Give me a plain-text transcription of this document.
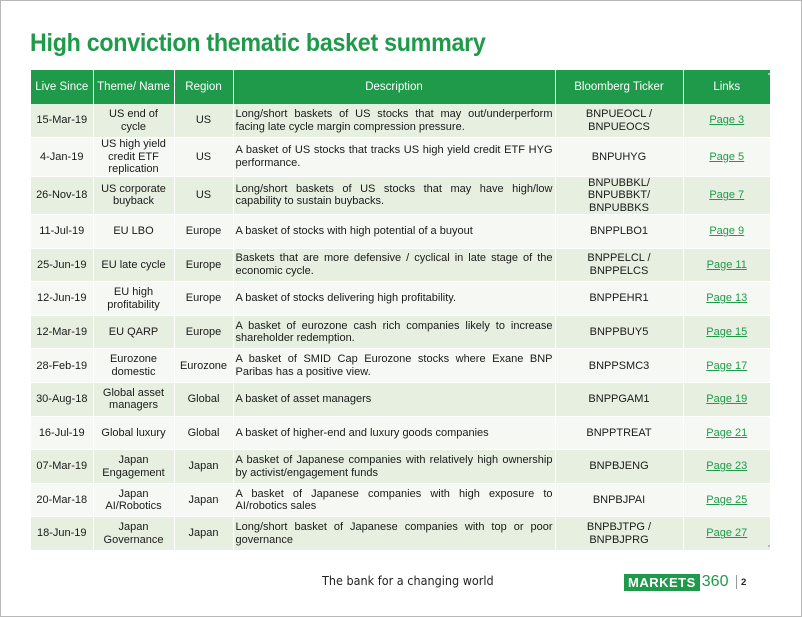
High conviction thematic basket summary
Live Since	Theme/ Name	Region	Description	Bloomberg Ticker	Links
15-Mar-19	US end of cycle	US	Long/short baskets of US stocks that may out/underperform facing late cycle margin compression pressure.	BNPUEOCL / BNPUEOCS	Page 3
4-Jan-19	US high yield credit ETF replication	US	A basket of US stocks that tracks US high yield credit ETF HYG performance.	BNPUHYG	Page 5
26-Nov-18	US corporate buyback	US	Long/short baskets of US stocks that may have high/low capability to sustain buybacks.	BNPUBBKL/ BNPUBBKT/ BNPUBBKS	Page 7
11-Jul-19	EU LBO	Europe	A basket of stocks with high potential of a buyout	BNPPLBO1	Page 9
25-Jun-19	EU late cycle	Europe	Baskets that are more defensive / cyclical in late stage of the economic cycle.	BNPPELCL / BNPPELCS	Page 11
12-Jun-19	EU high profitability	Europe	A basket of stocks delivering high profitability.	BNPPEHR1	Page 13
12-Mar-19	EU QARP	Europe	A basket of eurozone cash rich companies likely to increase shareholder redemption.	BNPPBUY5	Page 15
28-Feb-19	Eurozone domestic	Eurozone	A basket of SMID Cap Eurozone stocks where Exane BNP Paribas has a positive view.	BNPPSMC3	Page 17
30-Aug-18	Global asset managers	Global	A basket of asset managers	BNPPGAM1	Page 19
16-Jul-19	Global luxury	Global	A basket of higher-end and luxury goods companies	BNPPTREAT	Page 21
07-Mar-19	Japan Engagement	Japan	A basket of Japanese companies with relatively high ownership by activist/engagement funds	BNPBJENG	Page 23
20-Mar-18	Japan AI/Robotics	Japan	A basket of Japanese companies with high exposure to AI/robotics sales	BNPBJPAI	Page 25
18-Jun-19	Japan Governance	Japan	Long/short basket of Japanese companies with top or poor governance	BNPBJTPG / BNPBJPRG	Page 27
The bank for a changing world	MARKETS 360 2
